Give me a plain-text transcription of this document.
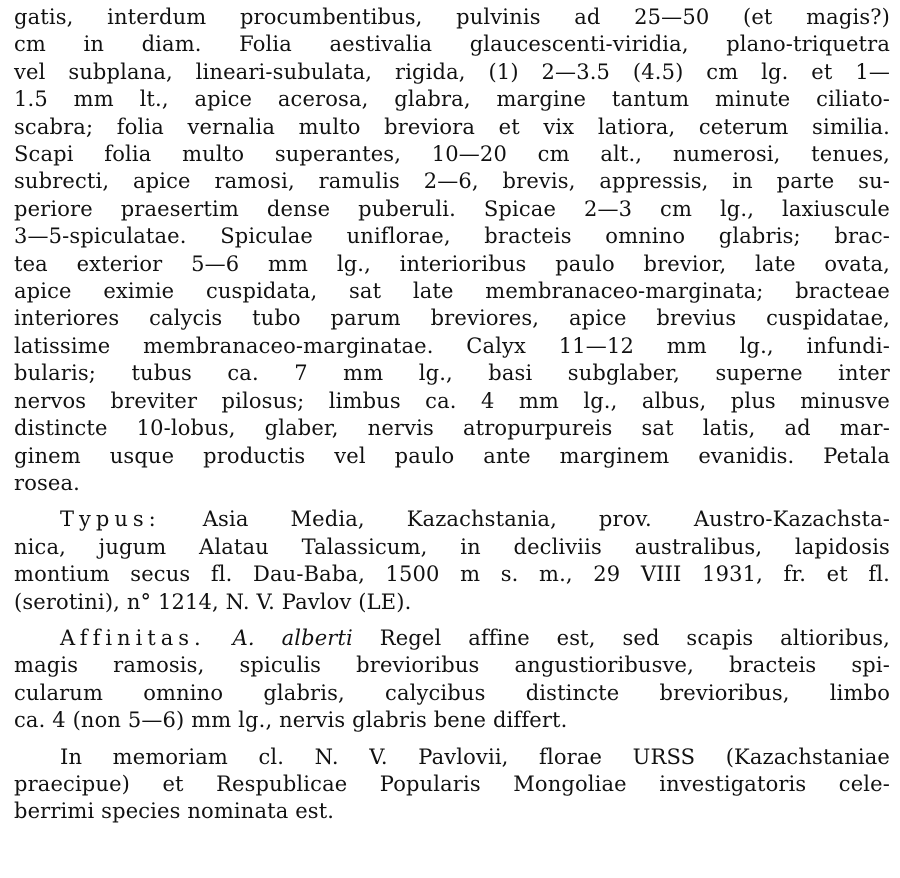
gatis, interdum procumbentibus, pulvinis ad 25—50 (et magis?)
cm in diam. Folia aestivalia glaucescenti-viridia, plano-triquetra
vel subplana, lineari-subulata, rigida, (1) 2—3.5 (4.5) cm lg. et 1—
1.5 mm lt., apice acerosa, glabra, margine tantum minute ciliato-
scabra; folia vernalia multo breviora et vix latiora, ceterum similia.
Scapi folia multo superantes, 10—20 cm alt., numerosi, tenues,
subrecti, apice ramosi, ramulis 2—6, brevis, appressis, in parte su-
periore praesertim dense puberuli. Spicae 2—3 cm lg., laxiuscule
3—5-spiculatae. Spiculae uniflorae, bracteis omnino glabris; brac-
tea exterior 5—6 mm lg., interioribus paulo brevior, late ovata,
apice eximie cuspidata, sat late membranaceo-marginata; bracteae
interiores calycis tubo parum breviores, apice brevius cuspidatae,
latissime membranaceo-marginatae. Calyx 11—12 mm lg., infundi-
bularis; tubus ca. 7 mm lg., basi subglaber, superne inter
nervos breviter pilosus; limbus ca. 4 mm lg., albus, plus minusve
distincte 10-lobus, glaber, nervis atropurpureis sat latis, ad mar-
ginem usque productis vel paulo ante marginem evanidis. Petala
rosea.
Typus: Asia Media, Kazachstania, prov. Austro-Kazachsta-
nica, jugum Alatau Talassicum, in decliviis australibus, lapidosis
montium secus fl. Dau-Baba, 1500 m s. m., 29 VIII 1931, fr. et fl.
(serotini), n° 1214, N. V. Pavlov (LE).
Affinitas. A. alberti Regel affine est, sed scapis altioribus,
magis ramosis, spiculis brevioribus angustioribusve, bracteis spi-
cularum omnino glabris, calycibus distincte brevioribus, limbo
ca. 4 (non 5—6) mm lg., nervis glabris bene differt.
In memoriam cl. N. V. Pavlovii, florae URSS (Kazachstaniae
praecipue) et Respublicae Popularis Mongoliae investigatoris cele-
berrimi species nominata est.
